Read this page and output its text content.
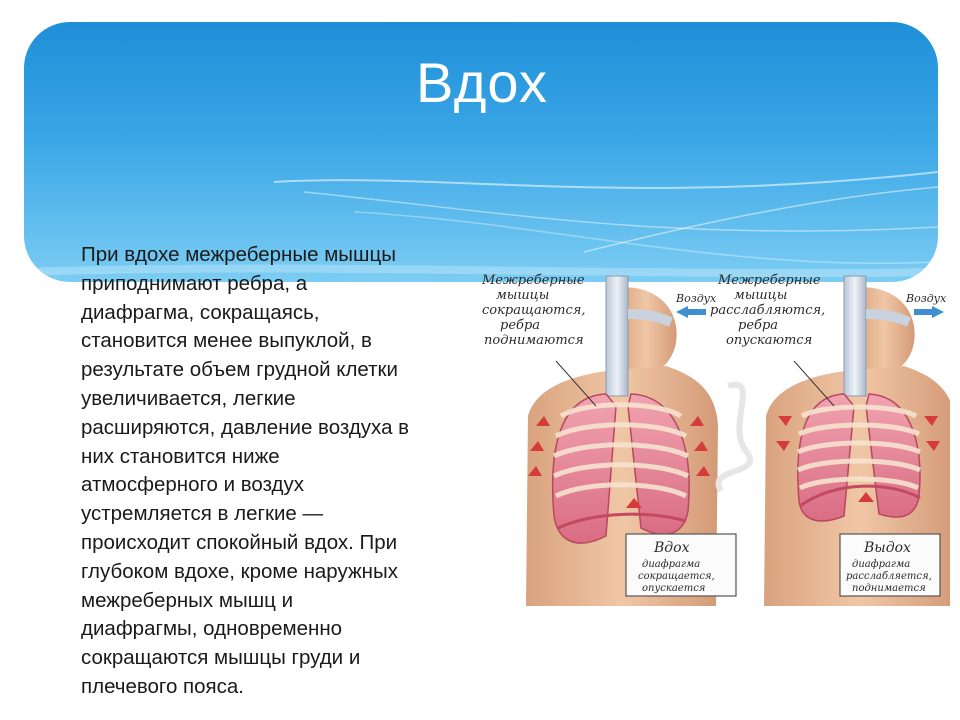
Вдох
При вдохе межреберные мышцы
приподнимают ребра, а
диафрагма, сокращаясь,
становится менее выпуклой, в
результате объем грудной клетки
увеличивается, легкие
расширяются, давление воздуха в
них становится ниже
атмосферного и воздух
устремляется в легкие —
происходит спокойный вдох. При
глубоком вдохе, кроме наружных
межреберных мышц и
диафрагмы, одновременно
сокращаются мышцы груди и
плечевого пояса.
Межреберные
мышцы
сокращаются,
ребра
поднимаются
Воздух
Вдох
диафрагма
сокращается,
опускается
Межреберные
мышцы
расслабляются,
ребра
опускаются
Воздух
Выдох
диафрагма
расслабляется,
поднимается
